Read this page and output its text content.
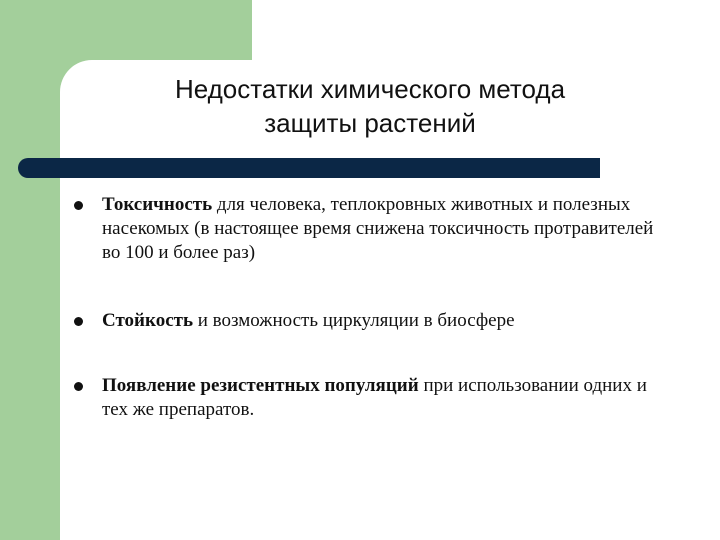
Недостатки химического метода
защиты растений
Токсичность для человека, теплокровных животных и полезных насекомых (в настоящее время снижена токсичность протравителей во 100 и более раз)
Стойкость и возможность циркуляции в биосфере
Появление резистентных популяций при использовании одних и тех же препаратов.
